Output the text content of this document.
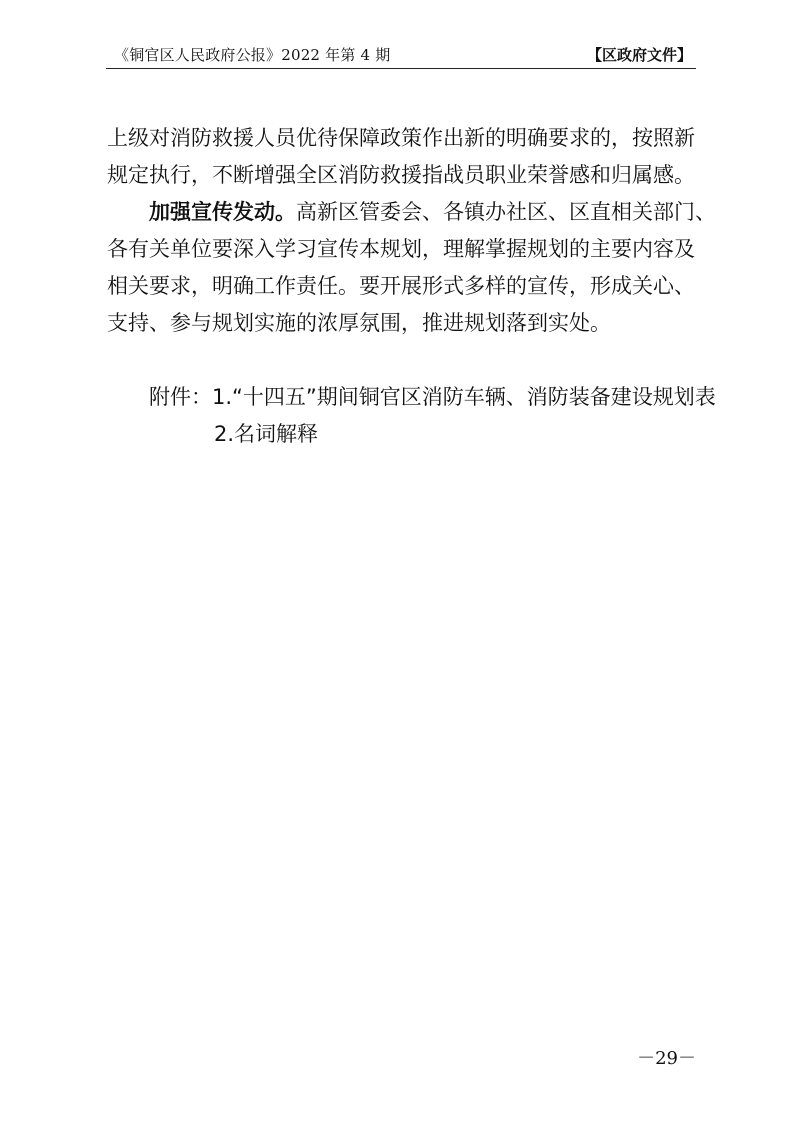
《铜官区人民政府公报》2022 年第 4 期	【区政府文件】
上级对消防救援人员优待保障政策作出新的明确要求的，按照新
规定执行，不断增强全区消防救援指战员职业荣誉感和归属感。
加强宣传发动。高新区管委会、各镇办社区、区直相关部门、
各有关单位要深入学习宣传本规划，理解掌握规划的主要内容及
相关要求，明确工作责任。要开展形式多样的宣传，形成关心、
支持、参与规划实施的浓厚氛围，推进规划落到实处。
附件：1.“十四五”期间铜官区消防车辆、消防装备建设规划表
2.名词解释
－29－
